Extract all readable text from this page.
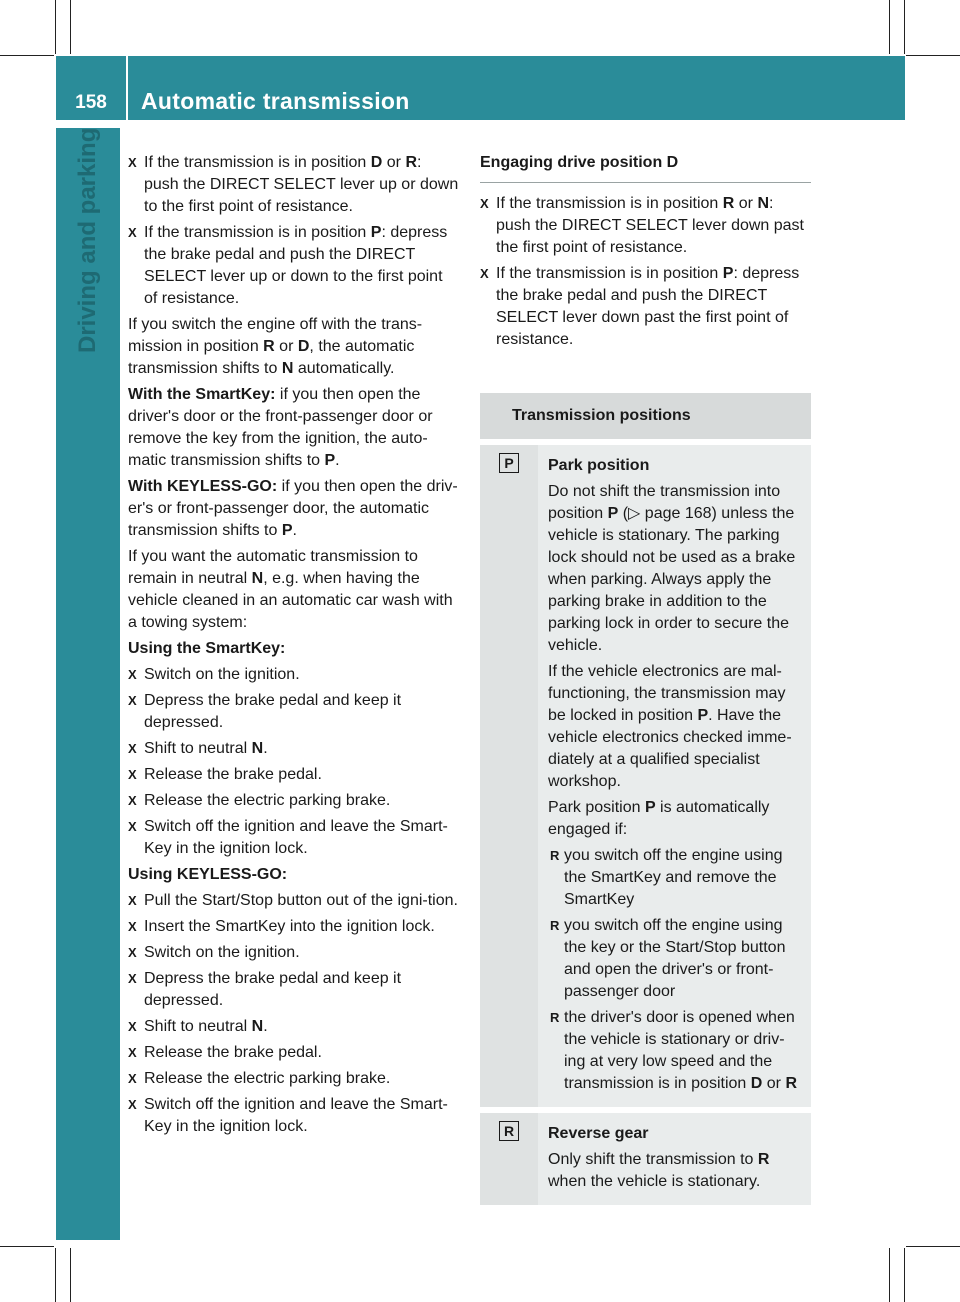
158	Automatic transmission
Driving and parking	X If the transmission is in position D or R: push the DIRECT SELECT lever up or down to the first point of resistance.
X If the transmission is in position P: depress the brake pedal and push the DIRECT SELECT lever up or down to the first point of resistance.
If you switch the engine off with the trans-mission in position R or D, the automatic transmission shifts to N automatically.
With the SmartKey: if you then open the driver's door or the front-passenger door or remove the key from the ignition, the auto-matic transmission shifts to P.
With KEYLESS-GO: if you then open the driv-er's or front-passenger door, the automatic transmission shifts to P.
If you want the automatic transmission to remain in neutral N, e.g. when having the vehicle cleaned in an automatic car wash with a towing system:
Using the SmartKey:
X Switch on the ignition.
X Depress the brake pedal and keep it depressed.
X Shift to neutral N.
X Release the brake pedal.
X Release the electric parking brake.
X Switch off the ignition and leave the Smart-Key in the ignition lock.
Using KEYLESS-GO:
X Pull the Start/Stop button out of the igni-tion.
X Insert the SmartKey into the ignition lock.
X Switch on the ignition.
X Depress the brake pedal and keep it depressed.
X Shift to neutral N.
X Release the brake pedal.
X Release the electric parking brake.
X Switch off the ignition and leave the Smart-Key in the ignition lock.
Engaging drive position D
X If the transmission is in position R or N: push the DIRECT SELECT lever down past the first point of resistance.
X If the transmission is in position P: depress the brake pedal and push the DIRECT SELECT lever down past the first point of resistance.
Transmission positions
P	Park position
Do not shift the transmission into position P (▷ page 168) unless the vehicle is stationary. The parking lock should not be used as a brake when parking. Always apply the parking brake in addition to the parking lock in order to secure the vehicle.
If the vehicle electronics are mal-functioning, the transmission may be locked in position P. Have the vehicle electronics checked imme-diately at a qualified specialist workshop.
Park position P is automatically engaged if:
R you switch off the engine using the SmartKey and remove the SmartKey
R you switch off the engine using the key or the Start/Stop button and open the driver's or front-passenger door
R the driver's door is opened when the vehicle is stationary or driv-ing at very low speed and the transmission is in position D or R
R	Reverse gear
Only shift the transmission to R when the vehicle is stationary.
